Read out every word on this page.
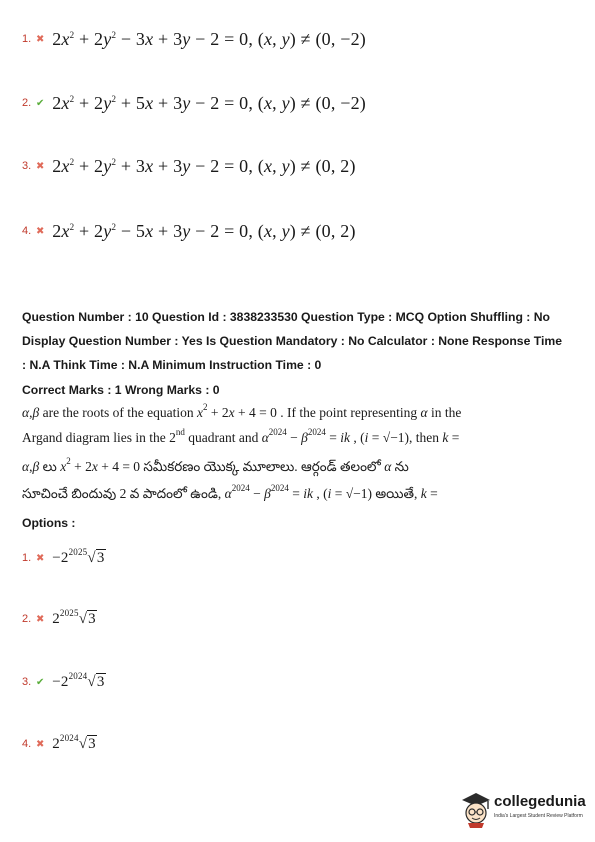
1. ✖ $2x^2 + 2y^2 - 3x + 3y - 2 = 0$, (x, y) ≠ (0, −2)
2. ✔ $2x^2 + 2y^2 + 5x + 3y - 2 = 0$, (x, y) ≠ (0, −2)
3. ✖ $2x^2 + 2y^2 + 3x + 3y - 2 = 0$, (x, y) ≠ (0, 2)
4. ✖ $2x^2 + 2y^2 - 5x + 3y - 2 = 0$, (x, y) ≠ (0, 2)
Question Number : 10 Question Id : 3838233530 Question Type : MCQ Option Shuffling : No
Display Question Number : Yes Is Question Mandatory : No Calculator : None Response Time
: N.A Think Time : N.A Minimum Instruction Time : 0
Correct Marks : 1 Wrong Marks : 0
α,β are the roots of the equation $x^2 + 2x + 4 = 0$ . If the point representing α in the
Argand diagram lies in the 2nd quadrant and $\alpha^{2024} - \beta^{2024}$ = ik , (i = √−1), then k =
α,β లు $x^2 + 2x + 4 = 0$ సమీకరణం యొక్క మూలాలు. ఆర్గండ్ తలంలో α ను
సూచించే బిందువు 2 వ పాదంలో ఉండి, $\alpha^{2024} - \beta^{2024}$ = ik , (i = √−1) అయితే, k =
Options :
1. ✖ $-2^{2025}√3$
2. ✖ $2^{2025}√3$
3. ✔ $-2^{2024}√3$
4. ✖ $2^{2024}√3$
collegedunia
India's Largest Student Review Platform
